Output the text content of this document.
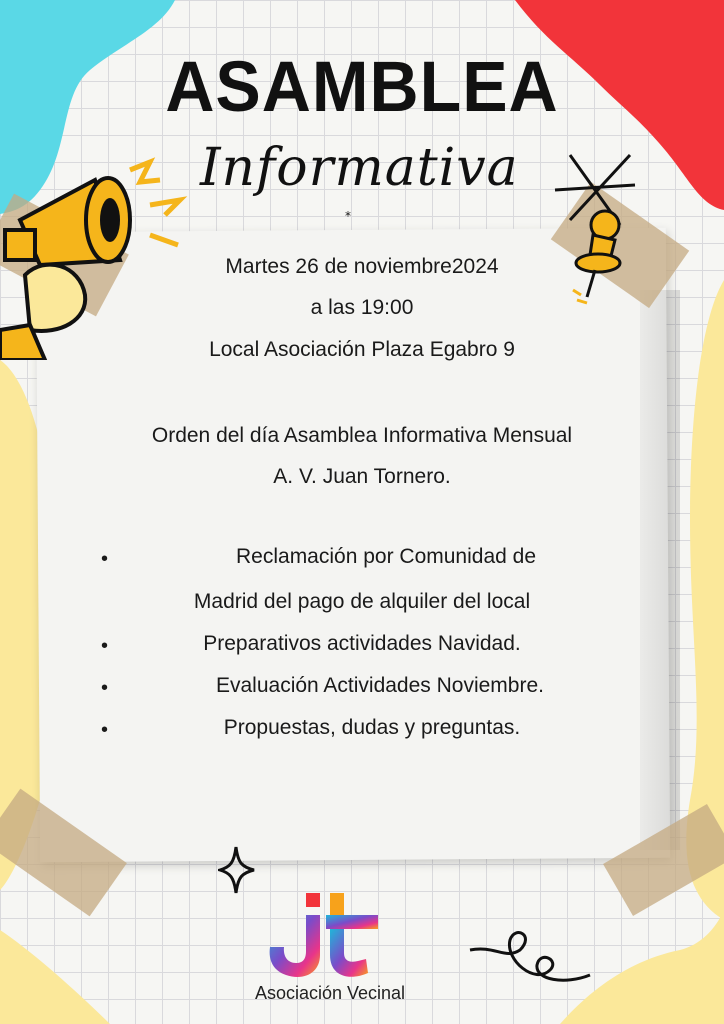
ASAMBLEA
Informativa
*
Martes 26 de noviembre2024
a las 19:00
Local Asociación Plaza Egabro 9
Orden del día Asamblea Informativa Mensual
A. V. Juan Tornero.
•	Reclamación por Comunidad de
Madrid del pago de alquiler del local
•	Preparativos actividades Navidad.
•	Evaluación Actividades Noviembre.
•	Propuestas, dudas y preguntas.
Asociación Vecinal
